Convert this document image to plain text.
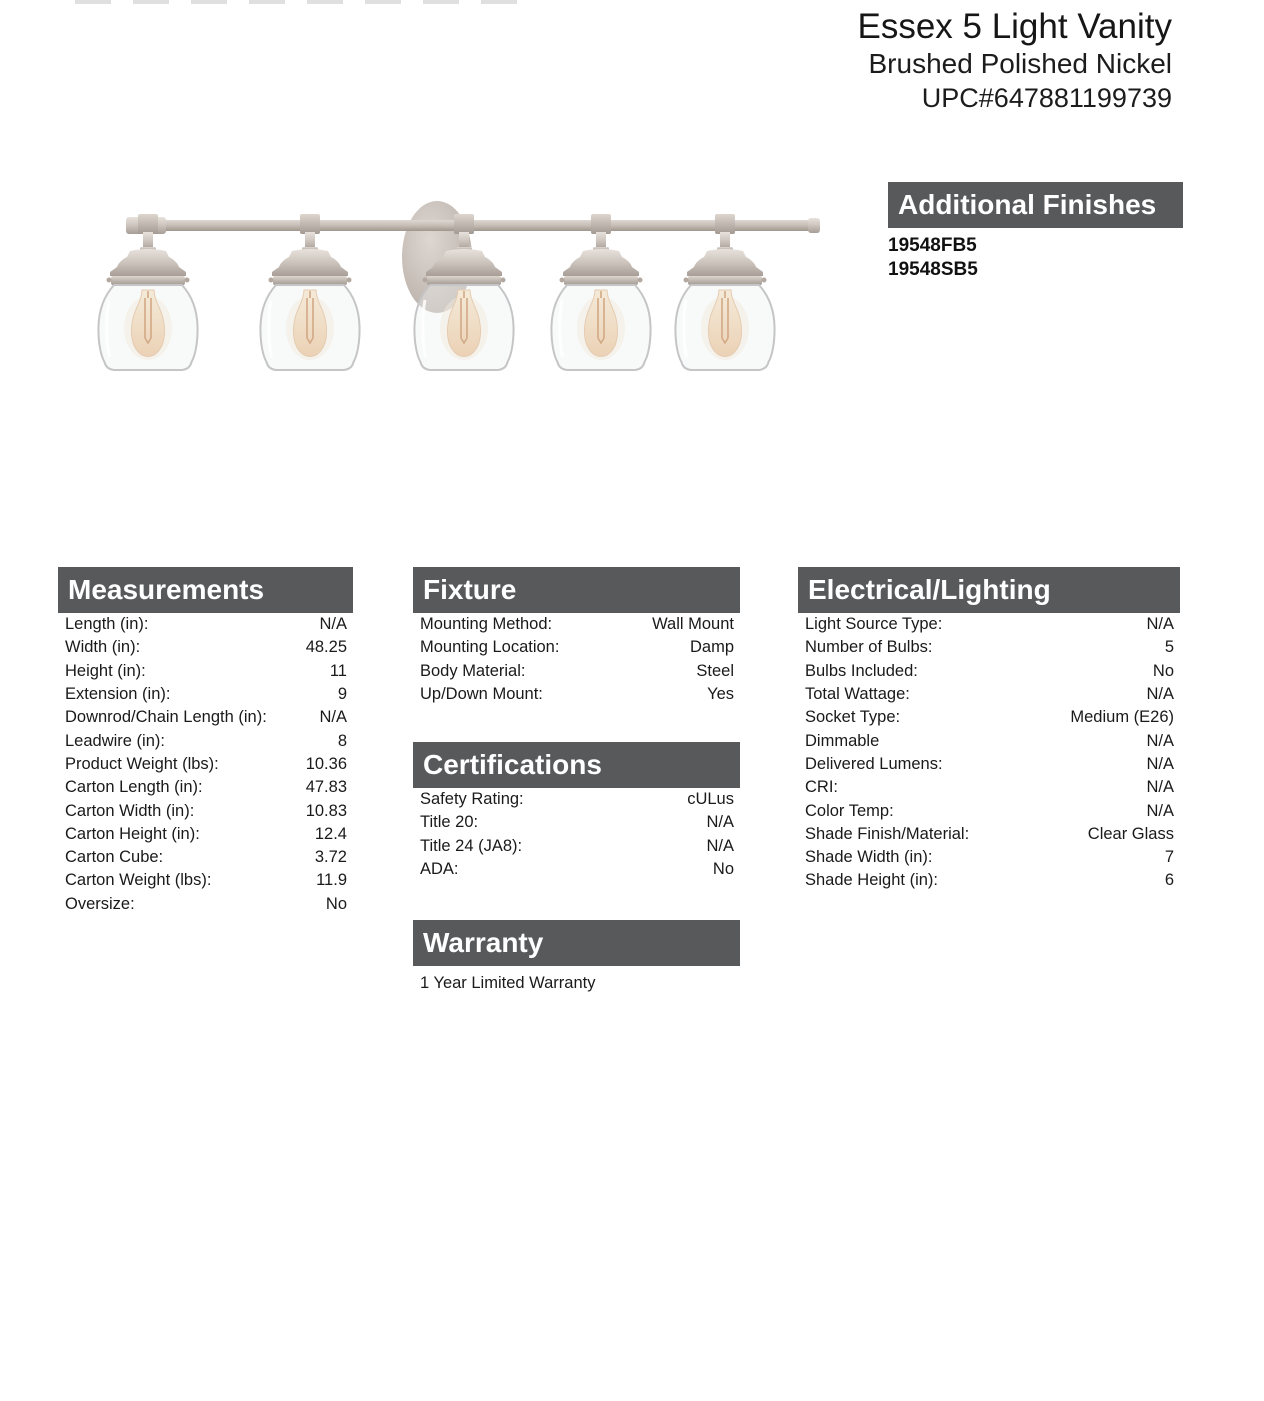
Essex 5 Light Vanity
Brushed Polished Nickel
UPC#647881199739
Additional Finishes
19548FB5
19548SB5
Measurements
Length (in):	N/A
Width (in):	48.25
Height (in):	11
Extension (in):	9
Downrod/Chain Length (in):	N/A
Leadwire (in):	8
Product Weight (lbs):	10.36
Carton Length (in):	47.83
Carton Width (in):	10.83
Carton Height (in):	12.4
Carton Cube:	3.72
Carton Weight (lbs):	11.9
Oversize:	No
Fixture
Mounting Method:	Wall Mount
Mounting Location:	Damp
Body Material:	Steel
Up/Down Mount:	Yes
Certifications
Safety Rating:	cULus
Title 20:	N/A
Title 24 (JA8):	N/A
ADA:	No
Warranty
1 Year Limited Warranty
Electrical/Lighting
Light Source Type:	N/A
Number of Bulbs:	5
Bulbs Included:	No
Total Wattage:	N/A
Socket Type:	Medium (E26)
Dimmable	N/A
Delivered Lumens:	N/A
CRI:	N/A
Color Temp:	N/A
Shade Finish/Material:	Clear Glass
Shade Width (in):	7
Shade Height (in):	6
